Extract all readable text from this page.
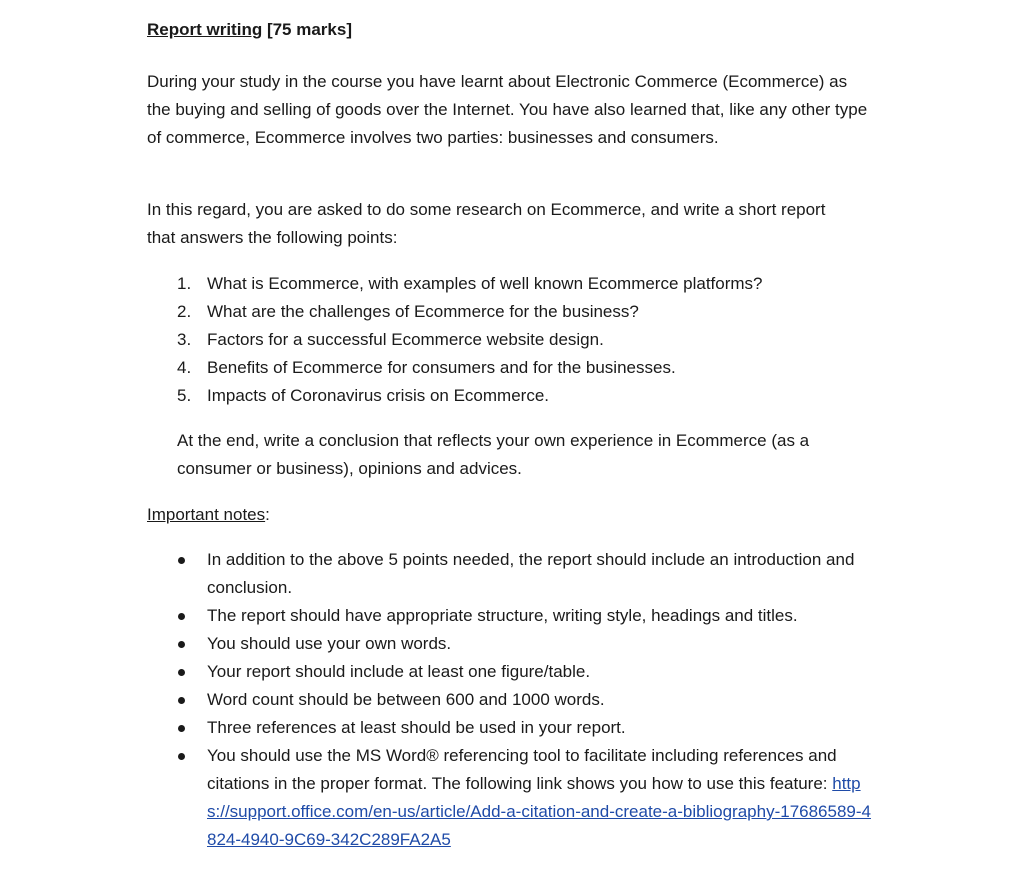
Report writing [75 marks]

During your study in the course you have learnt about Electronic Commerce (Ecommerce) as the buying and selling of goods over the Internet. You have also learned that, like any other type of commerce, Ecommerce involves two parties: businesses and consumers.

In this regard, you are asked to do some research on Ecommerce, and write a short report that answers the following points:

1. What is Ecommerce, with examples of well known Ecommerce platforms?
2. What are the challenges of Ecommerce for the business?
3. Factors for a successful Ecommerce website design.
4. Benefits of Ecommerce for consumers and for the businesses.
5. Impacts of Coronavirus crisis on Ecommerce.

At the end, write a conclusion that reflects your own experience in Ecommerce (as a consumer or business), opinions and advices.

Important notes:
In addition to the above 5 points needed, the report should include an introduction and conclusion.
The report should have appropriate structure, writing style, headings and titles.
You should use your own words.
Your report should include at least one figure/table.
Word count should be between 600 and 1000 words.
Three references at least should be used in your report.
You should use the MS Word® referencing tool to facilitate including references and citations in the proper format. The following link shows you how to use this feature: https://support.office.com/en-us/article/Add-a-citation-and-create-a-bibliography-17686589-4824-4940-9C69-342C289FA2A5
